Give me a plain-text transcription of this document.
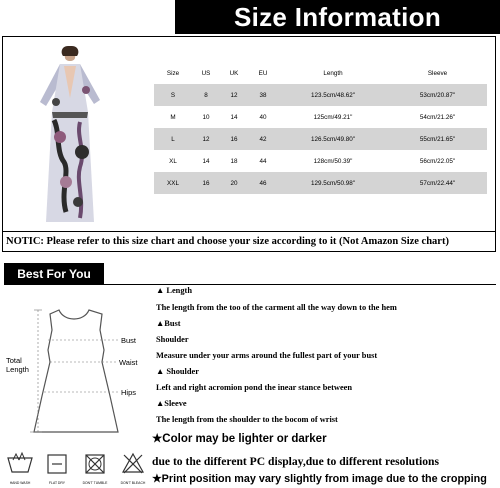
Size Information
Size	US	UK	EU	Length	Sleeve
S	8	12	38	123.5cm/48.62"	53cm/20.87"
M	10	14	40	125cm/49.21"	54cm/21.26"
L	12	16	42	126.5cm/49.80"	55cm/21.65"
XL	14	18	44	128cm/50.39"	56cm/22.05"
XXL	16	20	46	129.5cm/50.98"	57cm/22.44"
NOTIC: Please refer to this size chart and choose your size according to it (Not Amazon Size chart)
Best For You
Total
Length
Bust
Waist
Hips
HAND WASH	FLAT DRY	DON'T TUMBLE	DON'T BLEACH
▲ Length
The length from the too of the carment all the way down to the hem
▲Bust
Shoulder
Measure under your arms around the fullest part of your bust
▲ Shoulder
Left and right acromion pond the inear stance between
▲Sleeve
The length from the shoulder to the bocom of wrist
★Color may be lighter or darker
due to the different PC display,due to different resolutions
★Print position may vary slightly from image due to the cropping
